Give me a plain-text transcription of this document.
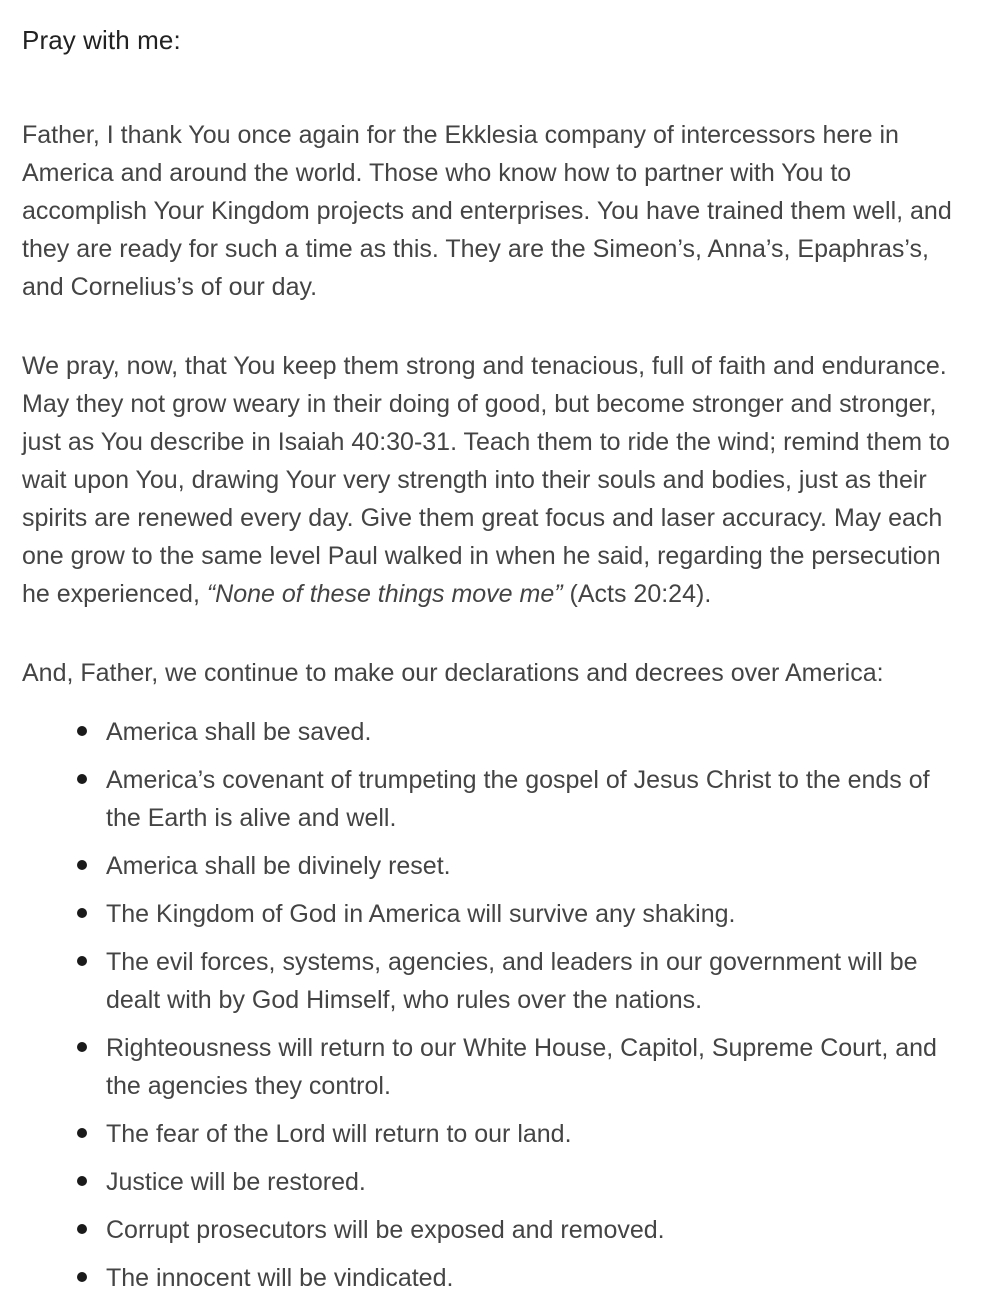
Pray with me:

Father, I thank You once again for the Ekklesia company of intercessors here in America and around the world. Those who know how to partner with You to accomplish Your Kingdom projects and enterprises. You have trained them well, and they are ready for such a time as this. They are the Simeon’s, Anna’s, Epaphras’s, and Cornelius’s of our day.

We pray, now, that You keep them strong and tenacious, full of faith and endurance. May they not grow weary in their doing of good, but become stronger and stronger, just as You describe in Isaiah 40:30-31. Teach them to ride the wind; remind them to wait upon You, drawing Your very strength into their souls and bodies, just as their spirits are renewed every day. Give them great focus and laser accuracy. May each one grow to the same level Paul walked in when he said, regarding the persecution he experienced, “None of these things move me” (Acts 20:24).

And, Father, we continue to make our declarations and decrees over America:

America shall be saved.
America’s covenant of trumpeting the gospel of Jesus Christ to the ends of the Earth is alive and well.
America shall be divinely reset.
The Kingdom of God in America will survive any shaking.
The evil forces, systems, agencies, and leaders in our government will be dealt with by God Himself, who rules over the nations.
Righteousness will return to our White House, Capitol, Supreme Court, and the agencies they control.
The fear of the Lord will return to our land.
Justice will be restored.
Corrupt prosecutors will be exposed and removed.
The innocent will be vindicated.
